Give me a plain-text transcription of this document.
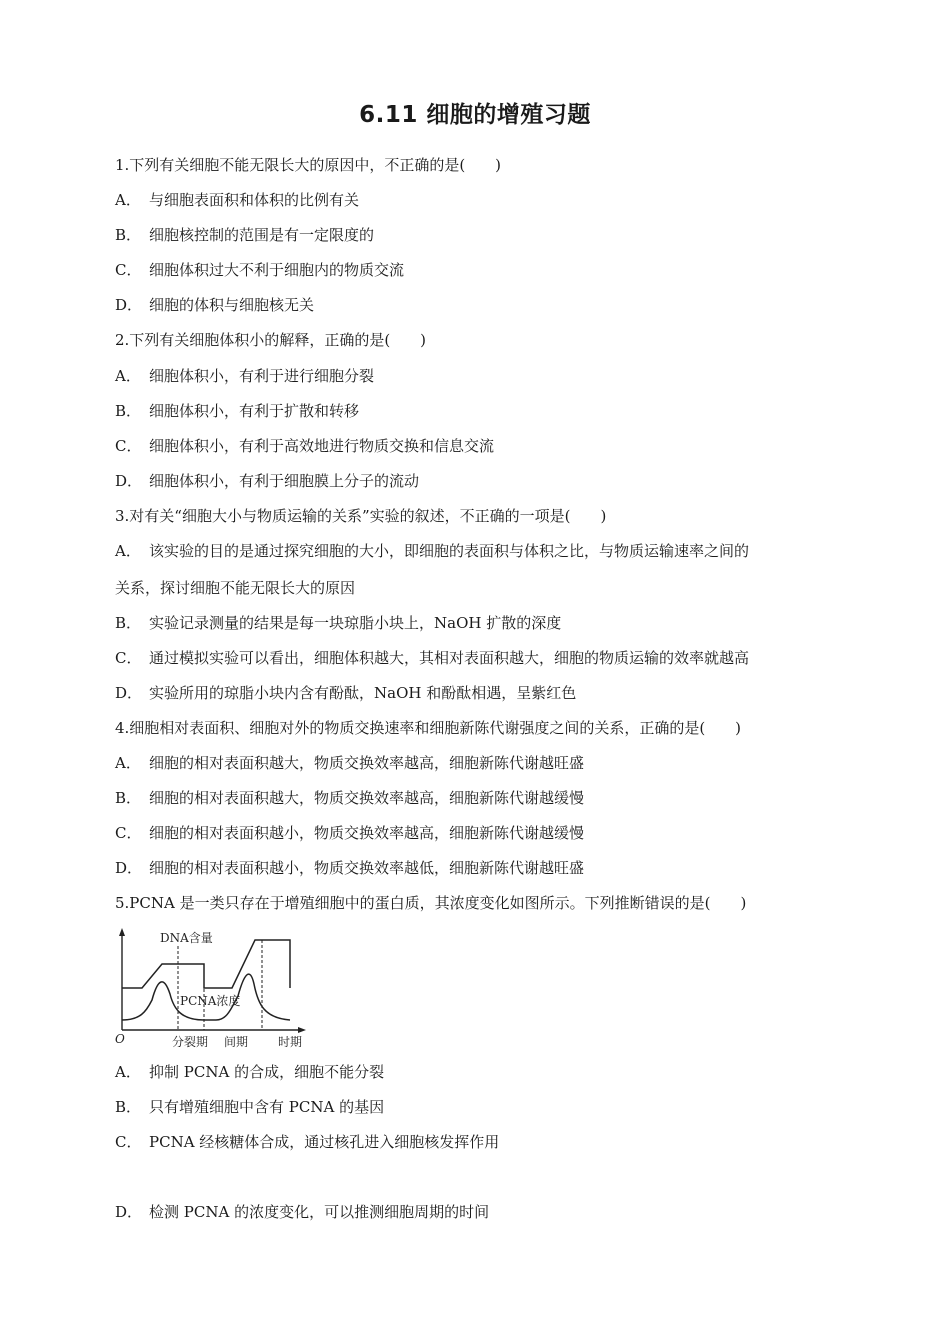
6.11 细胞的增殖习题
1.下列有关细胞不能无限长大的原因中，不正确的是(　　)
A． 与细胞表面积和体积的比例有关
B． 细胞核控制的范围是有一定限度的
C． 细胞体积过大不利于细胞内的物质交流
D． 细胞的体积与细胞核无关
2.下列有关细胞体积小的解释，正确的是(　　)
A． 细胞体积小，有利于进行细胞分裂
B． 细胞体积小，有利于扩散和转移
C． 细胞体积小，有利于高效地进行物质交换和信息交流
D． 细胞体积小，有利于细胞膜上分子的流动
3.对有关“细胞大小与物质运输的关系”实验的叙述，不正确的一项是(　　)
A． 该实验的目的是通过探究细胞的大小，即细胞的表面积与体积之比，与物质运输速率之间的
关系，探讨细胞不能无限长大的原因
B． 实验记录测量的结果是每一块琼脂小块上，NaOH 扩散的深度
C． 通过模拟实验可以看出，细胞体积越大，其相对表面积越大，细胞的物质运输的效率就越高
D． 实验所用的琼脂小块内含有酚酞，NaOH 和酚酞相遇，呈紫红色
4.细胞相对表面积、细胞对外的物质交换速率和细胞新陈代谢强度之间的关系，正确的是(　　)
A． 细胞的相对表面积越大，物质交换效率越高，细胞新陈代谢越旺盛
B． 细胞的相对表面积越大，物质交换效率越高，细胞新陈代谢越缓慢
C． 细胞的相对表面积越小，物质交换效率越高，细胞新陈代谢越缓慢
D． 细胞的相对表面积越小，物质交换效率越低，细胞新陈代谢越旺盛
5.PCNA 是一类只存在于增殖细胞中的蛋白质，其浓度变化如图所示。下列推断错误的是(　　)
DNA含量
PCNA浓度
O	分裂期 间期 时期
A． 抑制 PCNA 的合成，细胞不能分裂
B． 只有增殖细胞中含有 PCNA 的基因
C． PCNA 经核糖体合成，通过核孔进入细胞核发挥作用
D． 检测 PCNA 的浓度变化，可以推测细胞周期的时间
